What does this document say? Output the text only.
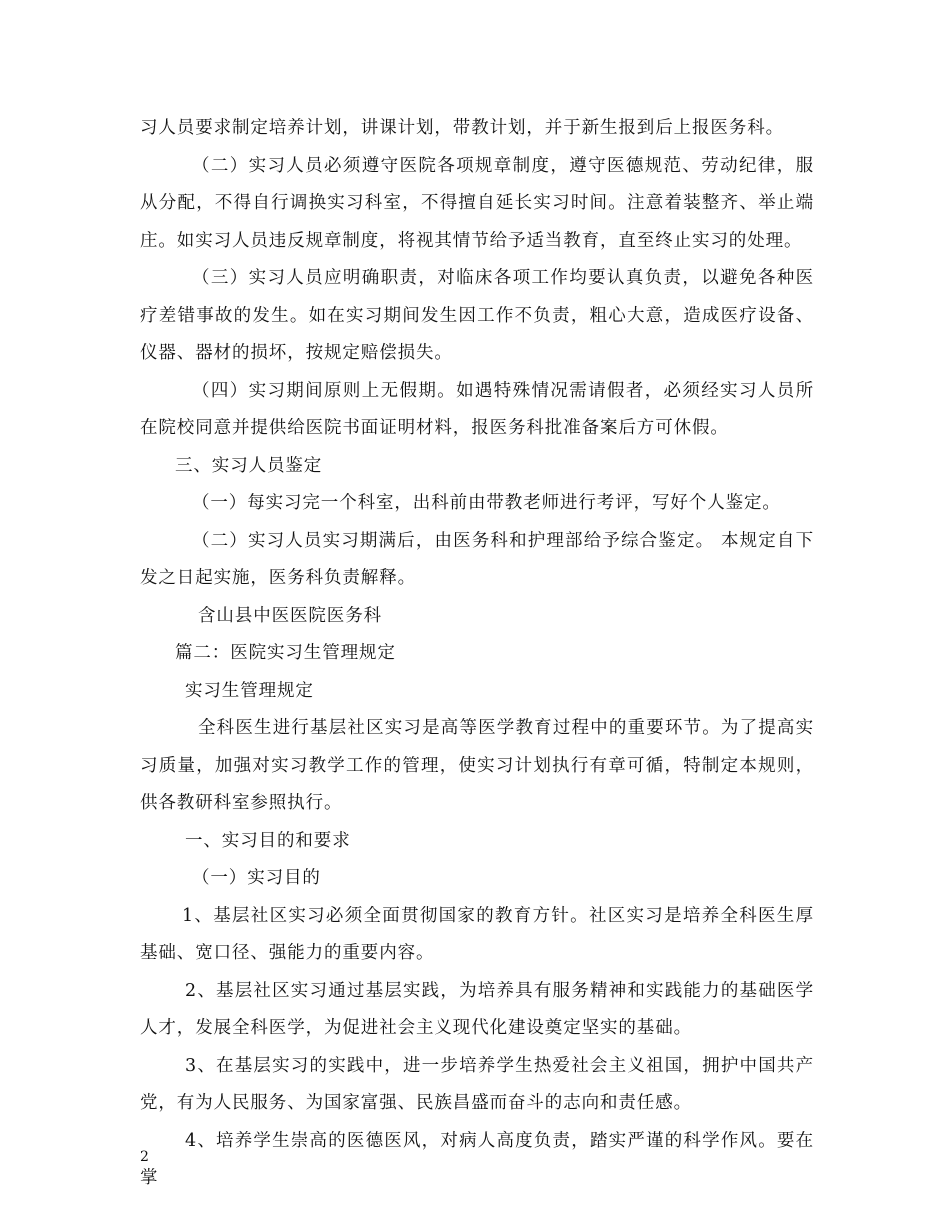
习人员要求制定培养计划，讲课计划，带教计划，并于新生报到后上报医务科。

（二）实习人员必须遵守医院各项规章制度，遵守医德规范、劳动纪律，服从分配，不得自行调换实习科室，不得擅自延长实习时间。注意着装整齐、举止端庄。如实习人员违反规章制度，将视其情节给予适当教育，直至终止实习的处理。

（三）实习人员应明确职责，对临床各项工作均要认真负责，以避免各种医疗差错事故的发生。如在实习期间发生因工作不负责，粗心大意，造成医疗设备、仪器、器材的损坏，按规定赔偿损失。

（四）实习期间原则上无假期。如遇特殊情况需请假者，必须经实习人员所在院校同意并提供给医院书面证明材料，报医务科批准备案后方可休假。

三、实习人员鉴定

（一）每实习完一个科室，出科前由带教老师进行考评，写好个人鉴定。

（二）实习人员实习期满后，由医务科和护理部给予综合鉴定。 本规定自下发之日起实施，医务科负责解释。

含山县中医医院医务科

篇二：医院实习生管理规定

实习生管理规定

全科医生进行基层社区实习是高等医学教育过程中的重要环节。为了提高实习质量，加强对实习教学工作的管理，使实习计划执行有章可循，特制定本规则，供各教研科室参照执行。

一、实习目的和要求

（一）实习目的

1、基层社区实习必须全面贯彻国家的教育方针。社区实习是培养全科医生厚基础、宽口径、强能力的重要内容。

2、基层社区实习通过基层实践，为培养具有服务精神和实践能力的基础医学人才，发展全科医学，为促进社会主义现代化建设奠定坚实的基础。

3、在基层实习的实践中，进一步培养学生热爱社会主义祖国，拥护中国共产党，有为人民服务、为国家富强、民族昌盛而奋斗的志向和责任感。

4、培养学生崇高的医德医风，对病人高度负责，踏实严谨的科学作风。要在掌

2
